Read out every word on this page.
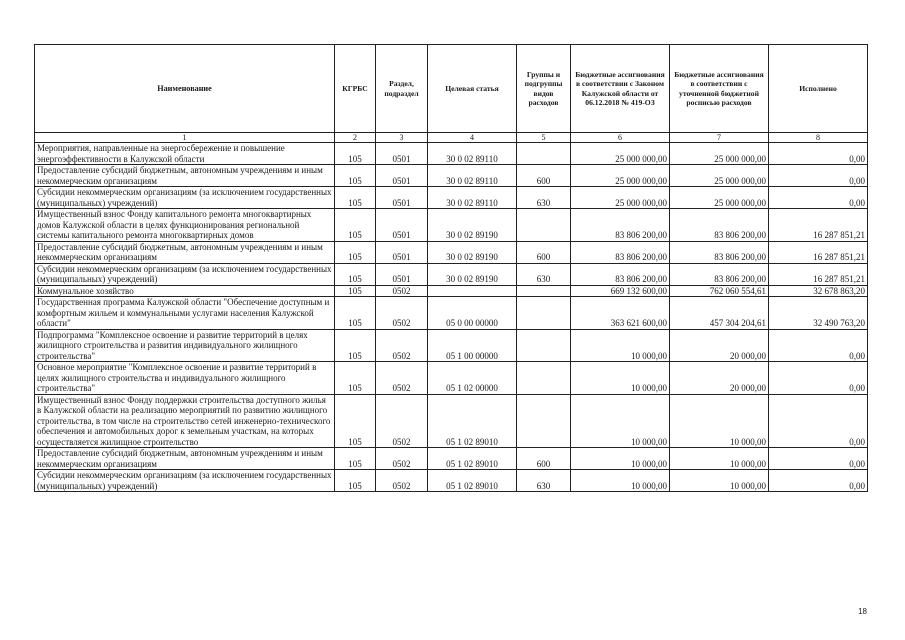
Наименование	КГРБС	Раздел, подраздел	Целевая статья	Группы и подгруппы видов расходов	Бюджетные ассигнования в соответствии с Законом Калужской области от 06.12.2018 № 419-ОЗ	Бюджетные ассигнования в соответствии с уточненной бюджетной росписью расходов	Исполнено
1	2	3	4	5	6	7	8
Мероприятия, направленные на энергосбережение и повышение энергоэффективности в Калужской области	105	0501	30 0 02 89110		25 000 000,00	25 000 000,00	0,00
Предоставление субсидий бюджетным, автономным учреждениям и иным некоммерческим организациям	105	0501	30 0 02 89110	600	25 000 000,00	25 000 000,00	0,00
Субсидии некоммерческим организациям (за исключением государственных (муниципальных) учреждений)	105	0501	30 0 02 89110	630	25 000 000,00	25 000 000,00	0,00
Имущественный взнос Фонду капитального ремонта многоквартирных домов Калужской области в целях функционирования региональной системы капитального ремонта многоквартирных домов	105	0501	30 0 02 89190		83 806 200,00	83 806 200,00	16 287 851,21
Предоставление субсидий бюджетным, автономным учреждениям и иным некоммерческим организациям	105	0501	30 0 02 89190	600	83 806 200,00	83 806 200,00	16 287 851,21
Субсидии некоммерческим организациям (за исключением государственных (муниципальных) учреждений)	105	0501	30 0 02 89190	630	83 806 200,00	83 806 200,00	16 287 851,21
Коммунальное хозяйство	105	0502			669 132 600,00	762 060 554,61	32 678 863,20
Государственная программа Калужской области "Обеспечение доступным и комфортным жильем и коммунальными услугами населения Калужской области"	105	0502	05 0 00 00000		363 621 600,00	457 304 204,61	32 490 763,20
Подпрограмма "Комплексное освоение и развитие территорий в целях жилищного строительства и развития индивидуального жилищного строительства"	105	0502	05 1 00 00000		10 000,00	20 000,00	0,00
Основное мероприятие "Комплексное освоение и развитие территорий в целях жилищного строительства и индивидуального жилищного строительства"	105	0502	05 1 02 00000		10 000,00	20 000,00	0,00
Имущественный взнос Фонду поддержки строительства доступного жилья в Калужской области на реализацию мероприятий по развитию жилищного строительства, в том числе на строительство сетей инженерно-технического обеспечения и автомобильных дорог к земельным участкам, на которых осуществляется жилищное строительство	105	0502	05 1 02 89010		10 000,00	10 000,00	0,00
Предоставление субсидий бюджетным, автономным учреждениям и иным некоммерческим организациям	105	0502	05 1 02 89010	600	10 000,00	10 000,00	0,00
Субсидии некоммерческим организациям (за исключением государственных (муниципальных) учреждений)	105	0502	05 1 02 89010	630	10 000,00	10 000,00	0,00
18
